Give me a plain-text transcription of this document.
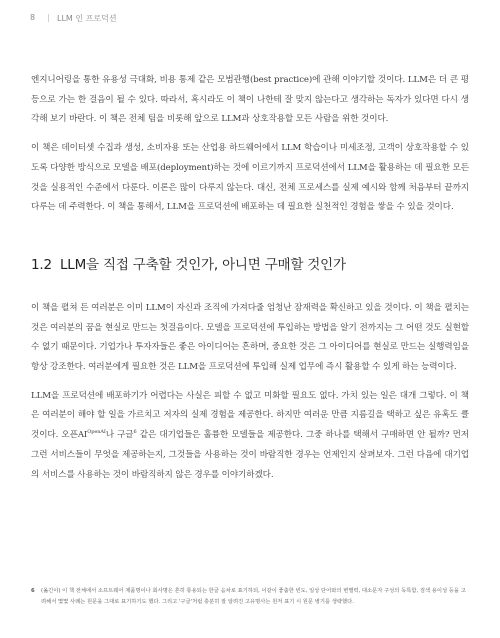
8 | LLM 인 프로덕션

엔지니어링을 통한 유용성 극대화, 비용 통제 같은 모범관행(best practice)에 관해 이야기할 것이다. LLM은 더 큰 평등으로 가는 한 걸음이 될 수 있다. 따라서, 혹시라도 이 책이 나한테 잘 맞지 않는다고 생각하는 독자가 있다면 다시 생각해 보기 바란다. 이 책은 전체 팀을 비롯해 앞으로 LLM과 상호작용할 모든 사람을 위한 것이다.

이 책은 데이터셋 수집과 생성, 소비자용 또는 산업용 하드웨어에서 LLM 학습이나 미세조정, 고객이 상호작용할 수 있도록 다양한 방식으로 모델을 배포(deployment)하는 것에 이르기까지 프로덕션에서 LLM을 활용하는 데 필요한 모든 것을 실용적인 수준에서 다룬다. 이론은 많이 다루지 않는다. 대신, 전체 프로세스를 실제 예시와 함께 처음부터 끝까지 다루는 데 주력한다. 이 책을 통해서, LLM을 프로덕션에 배포하는 데 필요한 실천적인 경험을 쌓을 수 있을 것이다.

1.2 LLM을 직접 구축할 것인가, 아니면 구매할 것인가

이 책을 펼쳐 든 여러분은 이미 LLM이 자신과 조직에 가져다줄 엄청난 잠재력을 확신하고 있을 것이다. 이 책을 펼치는 것은 여러분의 꿈을 현실로 만드는 첫걸음이다. 모델을 프로덕션에 투입하는 방법을 알기 전까지는 그 어떤 것도 실현할 수 없기 때문이다. 기업가나 투자자들은 좋은 아이디어는 흔하며, 중요한 것은 그 아이디어를 현실로 만드는 실행력임을 항상 강조한다. 여러분에게 필요한 것은 LLM을 프로덕션에 투입해 실제 업무에 즉시 활용할 수 있게 하는 능력이다.

LLM을 프로덕션에 배포하기가 어렵다는 사실은 피할 수 없고 미화할 필요도 없다. 가치 있는 일은 대개 그렇다. 이 책은 여러분이 해야 할 일을 가르치고 저자의 실제 경험을 제공한다. 하지만 여러운 만큼 지름길을 택하고 싶은 유혹도 클 것이다. 오픈$AI^{OpenAI}$나 구글$^6$ 같은 대기업들은 훌륭한 모델들을 제공한다. 그중 하나를 택해서 구매하면 안 될까? 먼저 그런 서비스들이 무엇을 제공하는지, 그것들을 사용하는 것이 바람직한 경우는 언제인지 살펴보자. 그런 다음에 대기업의 서비스를 사용하는 것이 바람직하지 않은 경우를 이야기하겠다.

6 (옮긴이) 이 책 전체에서 소프트웨어 제품명이나 회사명은 흔히 통용되는 한글 음차로 표기하되, 이같이 좋춤한 빈도, 일상 단어와의 변별력, 대소문자 구성의 독특함, 검색 용이성 등을 고려해서 몇몇 사례는 원문을 그대로 표기하기도 했다. 그리고 '구글'처럼 충분히 잘 알려진 고유명사는 원저 표기 시 원문 병기를 생략했다.
